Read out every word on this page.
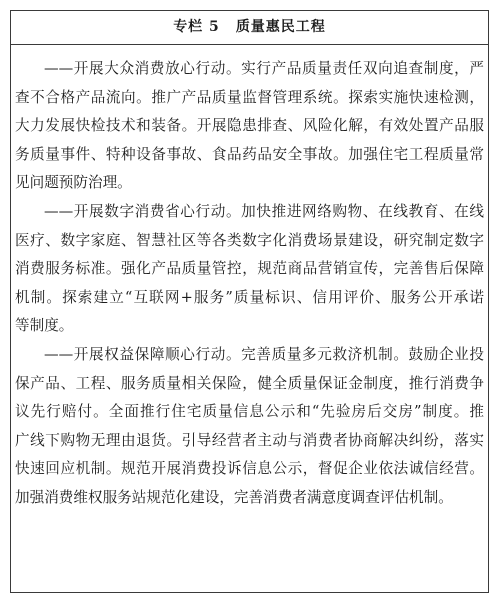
专栏 5 质量惠民工程
——开展大众消费放心行动。实行产品质量责任双向追查制度，严
查不合格产品流向。推广产品质量监督管理系统。探索实施快速检测，
大力发展快检技术和装备。开展隐患排查、风险化解，有效处置产品服
务质量事件、特种设备事故、食品药品安全事故。加强住宅工程质量常
见问题预防治理。
——开展数字消费省心行动。加快推进网络购物、在线教育、在线
医疗、数字家庭、智慧社区等各类数字化消费场景建设，研究制定数字
消费服务标准。强化产品质量管控，规范商品营销宣传，完善售后保障
机制。探索建立“互联网+服务”质量标识、信用评价、服务公开承诺
等制度。
——开展权益保障顺心行动。完善质量多元救济机制。鼓励企业投
保产品、工程、服务质量相关保险，健全质量保证金制度，推行消费争
议先行赔付。全面推行住宅质量信息公示和“先验房后交房”制度。推
广线下购物无理由退货。引导经营者主动与消费者协商解决纠纷，落实
快速回应机制。规范开展消费投诉信息公示，督促企业依法诚信经营。
加强消费维权服务站规范化建设，完善消费者满意度调查评估机制。
